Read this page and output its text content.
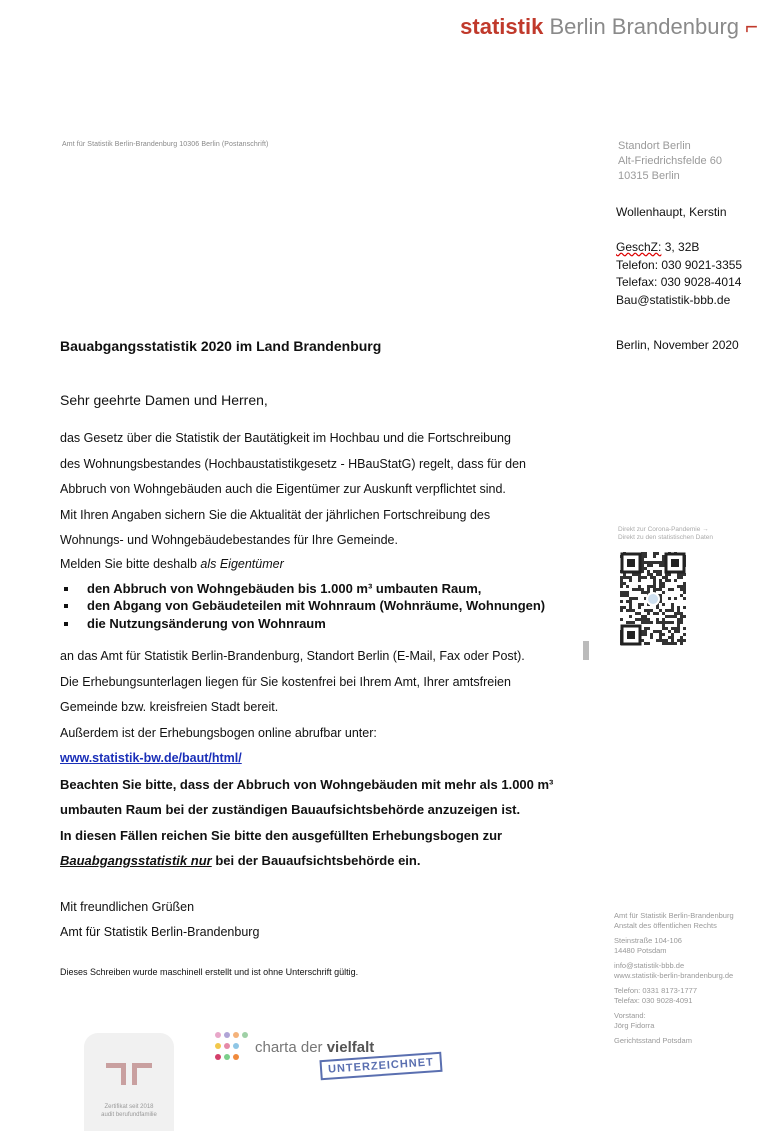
statistik Berlin Brandenburg ⌐
Amt für Statistik Berlin-Brandenburg 10306 Berlin (Postanschrift)	Standort Berlin
Alt-Friedrichsfelde 60
10315 Berlin
Wollenhaupt, Kerstin
GeschZ: 3, 32B
Telefon: 030 9021-3355
Telefax: 030 9028-4014
Bau@statistik-bbb.de
Berlin, November 2020
Bauabgangsstatistik 2020 im Land Brandenburg
Sehr geehrte Damen und Herren,

das Gesetz über die Statistik der Bautätigkeit im Hochbau und die Fortschreibung

des Wohnungsbestandes (Hochbaustatistikgesetz - HBauStatG) regelt, dass für den

Abbruch von Wohngebäuden auch die Eigentümer zur Auskunft verpflichtet sind.

Mit Ihren Angaben sichern Sie die Aktualität der jährlichen Fortschreibung des

Wohnungs- und Wohngebäudebestandes für Ihre Gemeinde.

Melden Sie bitte deshalb als Eigentümer

den Abbruch von Wohngebäuden bis 1.000 m³ umbauten Raum,
den Abgang von Gebäudeteilen mit Wohnraum (Wohnräume, Wohnungen)
die Nutzungsänderung von Wohnraum

an das Amt für Statistik Berlin-Brandenburg, Standort Berlin (E-Mail, Fax oder Post).

Die Erhebungsunterlagen liegen für Sie kostenfrei bei Ihrem Amt, Ihrer amtsfreien

Gemeinde bzw. kreisfreien Stadt bereit.

Außerdem ist der Erhebungsbogen online abrufbar unter:

www.statistik-bw.de/baut/html/

Beachten Sie bitte, dass der Abbruch von Wohngebäuden mit mehr als 1.000 m³

umbauten Raum bei der zuständigen Bauaufsichtsbehörde anzuzeigen ist.

In diesen Fällen reichen Sie bitte den ausgefüllten Erhebungsbogen zur

Bauabgangsstatistik nur bei der Bauaufsichtsbehörde ein.

Mit freundlichen Grüßen
Amt für Statistik Berlin-Brandenburg
Dieses Schreiben wurde maschinell erstellt und ist ohne Unterschrift gültig.
Direkt zur Corona-Pandemie →
Direkt zu den statistischen Daten

Amt für Statistik Berlin-Brandenburg
Anstalt des öffentlichen Rechts

Steinstraße 104-106
14480 Potsdam

info@statistik-bbb.de
www.statistik-berlin-brandenburg.de

Telefon: 0331 8173-1777
Telefax: 030 9028-4091

Vorstand:
Jörg Fidorra

Gerichtsstand Potsdam

Zertifikat seit 2018
audit berufundfamilie
charta der vielfalt
UNTERZEICHNET
